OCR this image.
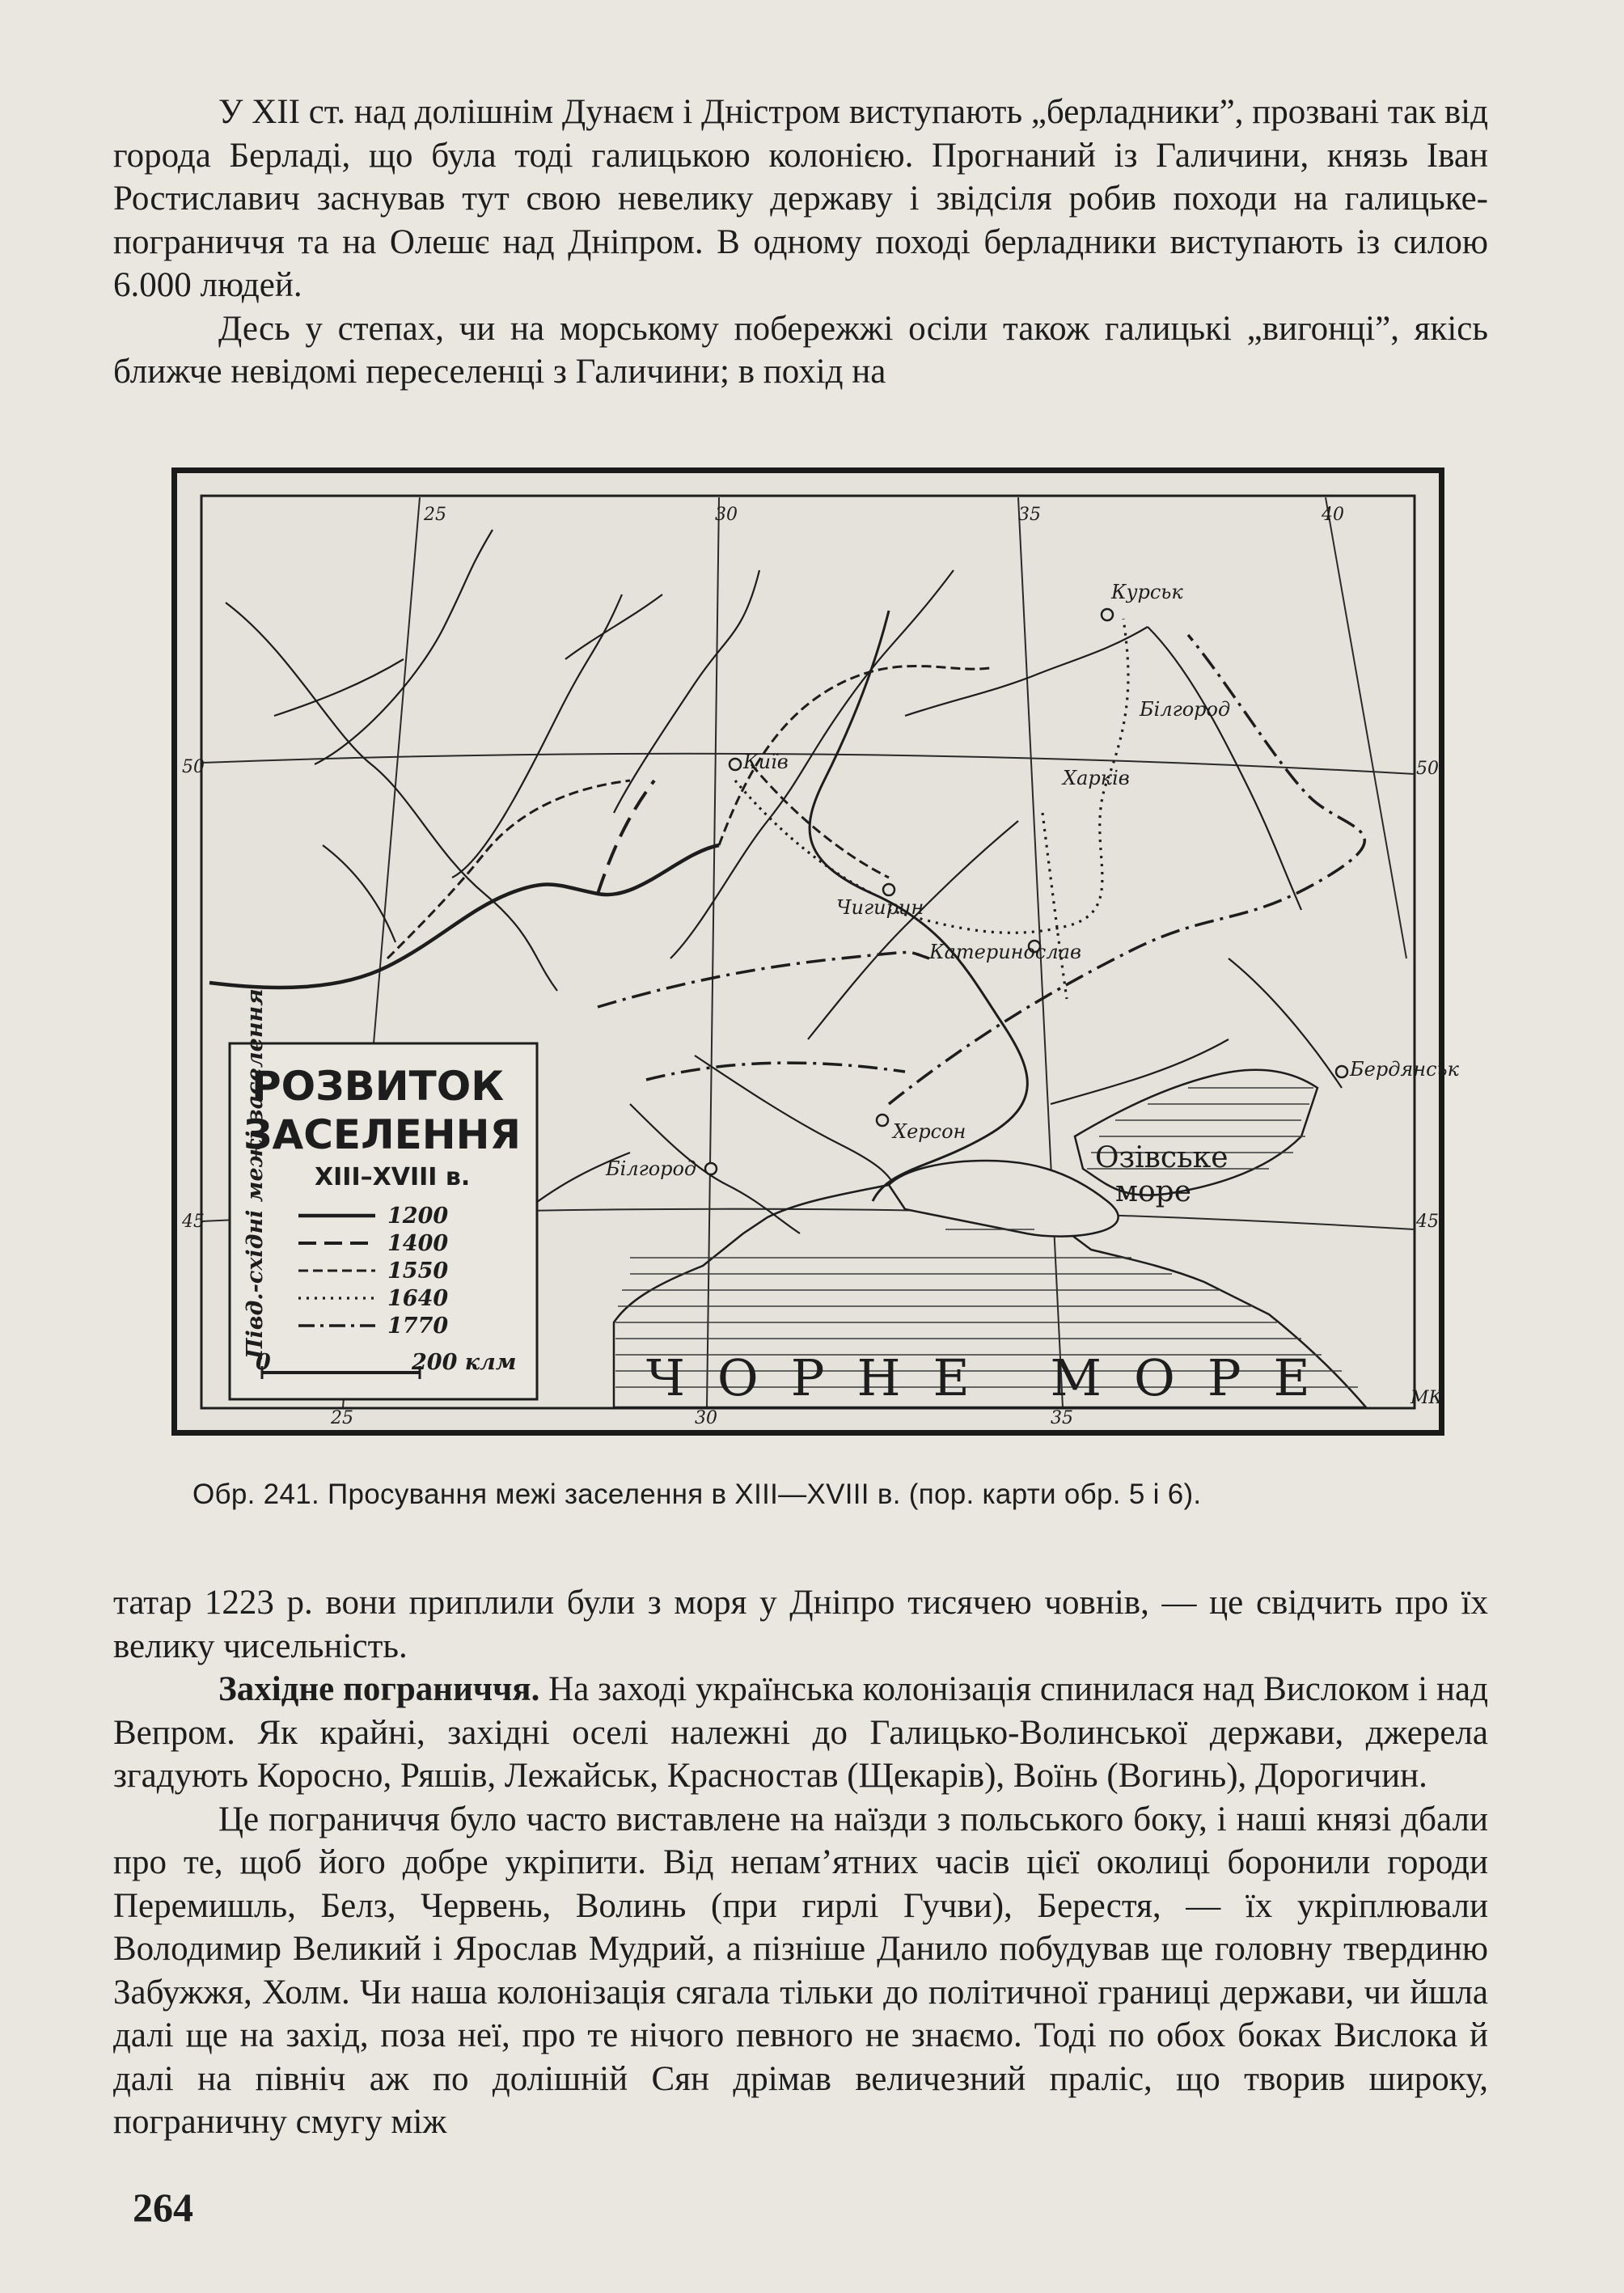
У XII ст. над долішнім Дунаєм і Дністром виступають „берладники”, прозвані так від города Берладі, що була тоді галицькою колонією. Прогнаний із Галичини, князь Іван Ростиславич заснував тут свою невелику державу і звідсіля робив походи на галицьке-пограниччя та на Олешє над Дніпром. В одному поході берладники виступають із силою 6.000 людей.

Десь у степах, чи на морському побережжі осіли також галицькі „вигонці”, якісь ближче невідомі переселенці з Галичини; в похід на

Курськ
Білгород
Київ
Харків
Чигирин
Катеринослав
Херсон
Білгород
Бердянськ
25	30	35	40
25	30	35
50
45
50
45
Озівське
море
ЧОРНЕ МОРЕ	МК
РОЗВИТОК
ЗАСЕЛЕННЯ
XIII–XVIII в.
Півд.-східні межі заселення	1200
1400
1550
1640
1770
0	200 клм
Обр. 241. Просування межі заселення в XIII—XVIII в. (пор. карти обр. 5 і 6).

татар 1223 р. вони приплили були з моря у Дніпро тисячею човнів, — це свідчить про їх велику чисельність.

Західне пограниччя. На заході українська колонізація спинилася над Вислоком і над Вепром. Як крайні, західні оселі належні до Галицько-Волинської держави, джерела згадують Коросно, Ряшів, Лежайськ, Красностав (Щекарів), Воїнь (Вогинь), Дорогичин.

Це пограниччя було часто виставлене на наїзди з польського боку, і наші князі дбали про те, щоб його добре укріпити. Від непам’ятних часів цієї околиці боронили городи Перемишль, Белз, Червень, Волинь (при гирлі Гучви), Берестя, — їх укріплювали Володимир Великий і Ярослав Мудрий, а пізніше Данило побудував ще головну твердиню Забужжя, Холм. Чи наша колонізація сягала тільки до політичної границі держави, чи йшла далі ще на захід, поза неї, про те нічого певного не знаємо. Тоді по обох боках Вислока й далі на північ аж по долішній Сян дрімав величезний праліс, що творив широку, пограничну смугу між

264
